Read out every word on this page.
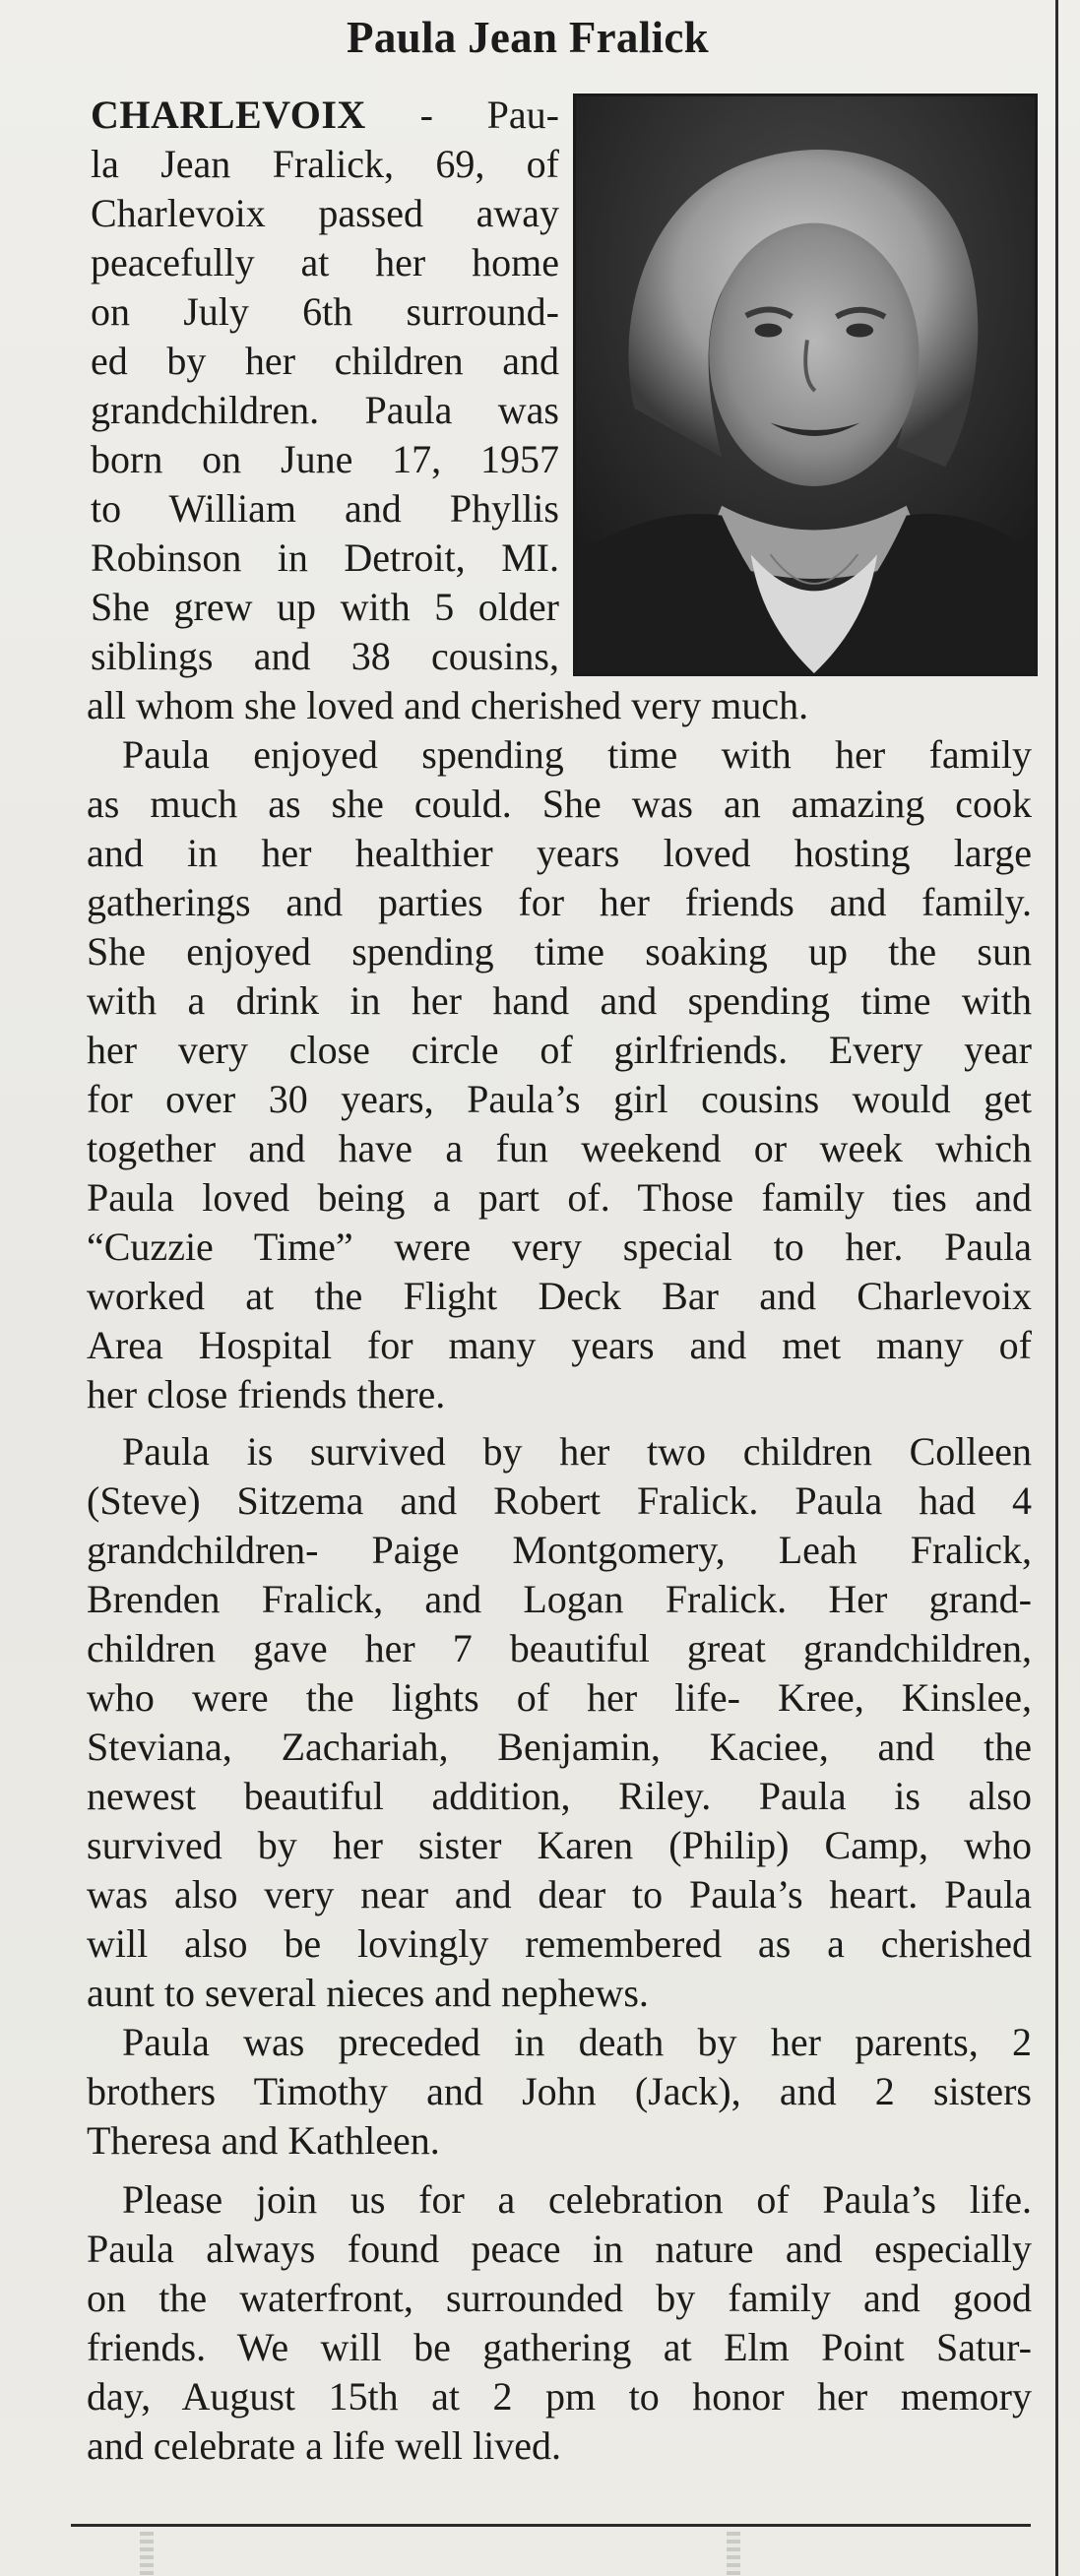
Paula Jean Fralick
CHARLEVOIX - Pau-
la Jean Fralick, 69, of
Charlevoix passed away
peacefully at her home
on July 6th surround-
ed by her children and
grandchildren. Paula was
born on June 17, 1957
to William and Phyllis
Robinson in Detroit, MI.
She grew up with 5 older
siblings and 38 cousins,
all whom she loved and cherished very much.
Paula enjoyed spending time with her family
as much as she could. She was an amazing cook
and in her healthier years loved hosting large
gatherings and parties for her friends and family.
She enjoyed spending time soaking up the sun
with a drink in her hand and spending time with
her very close circle of girlfriends. Every year
for over 30 years, Paula’s girl cousins would get
together and have a fun weekend or week which
Paula loved being a part of. Those family ties and
“Cuzzie Time” were very special to her. Paula
worked at the Flight Deck Bar and Charlevoix
Area Hospital for many years and met many of
her close friends there.
Paula is survived by her two children Colleen
(Steve) Sitzema and Robert Fralick. Paula had 4
grandchildren- Paige Montgomery, Leah Fralick,
Brenden Fralick, and Logan Fralick. Her grand-
children gave her 7 beautiful great grandchildren,
who were the lights of her life- Kree, Kinslee,
Steviana, Zachariah, Benjamin, Kaciee, and the
newest beautiful addition, Riley. Paula is also
survived by her sister Karen (Philip) Camp, who
was also very near and dear to Paula’s heart. Paula
will also be lovingly remembered as a cherished
aunt to several nieces and nephews.
Paula was preceded in death by her parents, 2
brothers Timothy and John (Jack), and 2 sisters
Theresa and Kathleen.
Please join us for a celebration of Paula’s life.
Paula always found peace in nature and especially
on the waterfront, surrounded by family and good
friends. We will be gathering at Elm Point Satur-
day, August 15th at 2 pm to honor her memory
and celebrate a life well lived.
